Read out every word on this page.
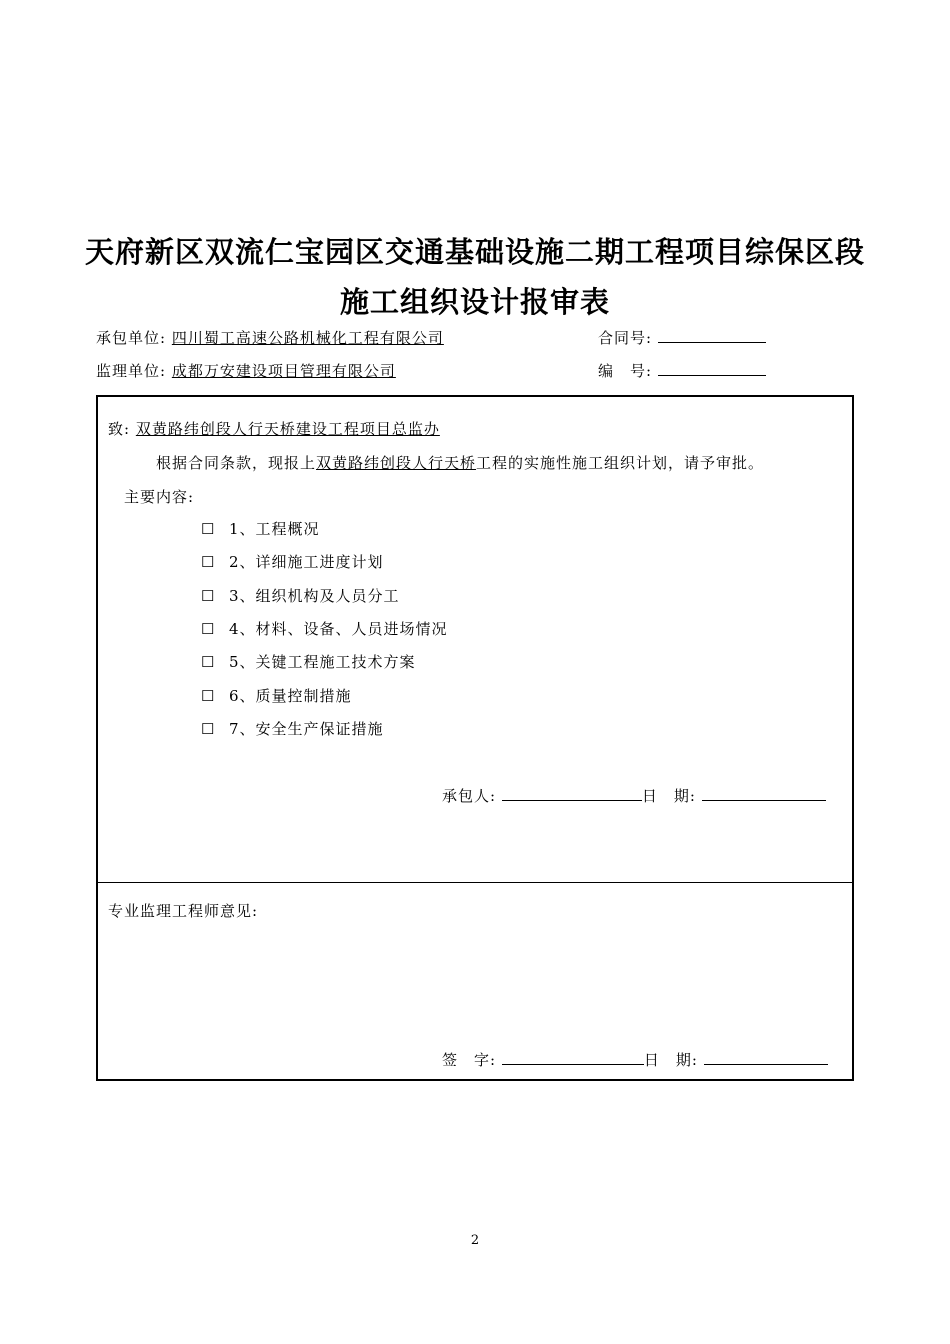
天府新区双流仁宝园区交通基础设施二期工程项目综保区段
施工组织设计报审表
承包单位: 四川蜀工高速公路机械化工程有限公司	合同号:
监理单位: 成都万安建设项目管理有限公司	编　号:
致: 双黄路纬创段人行天桥建设工程项目总监办
根据合同条款，现报上双黄路纬创段人行天桥工程的实施性施工组织计划，请予审批。
主要内容:
☐ 1、工程概况
☐ 2、详细施工进度计划
☐ 3、组织机构及人员分工
☐ 4、材料、设备、人员进场情况
☐ 5、关键工程施工技术方案
☐ 6、质量控制措施
☐ 7、安全生产保证措施
承包人:	日　期:
专业监理工程师意见:
签　字:	日　期:
2
